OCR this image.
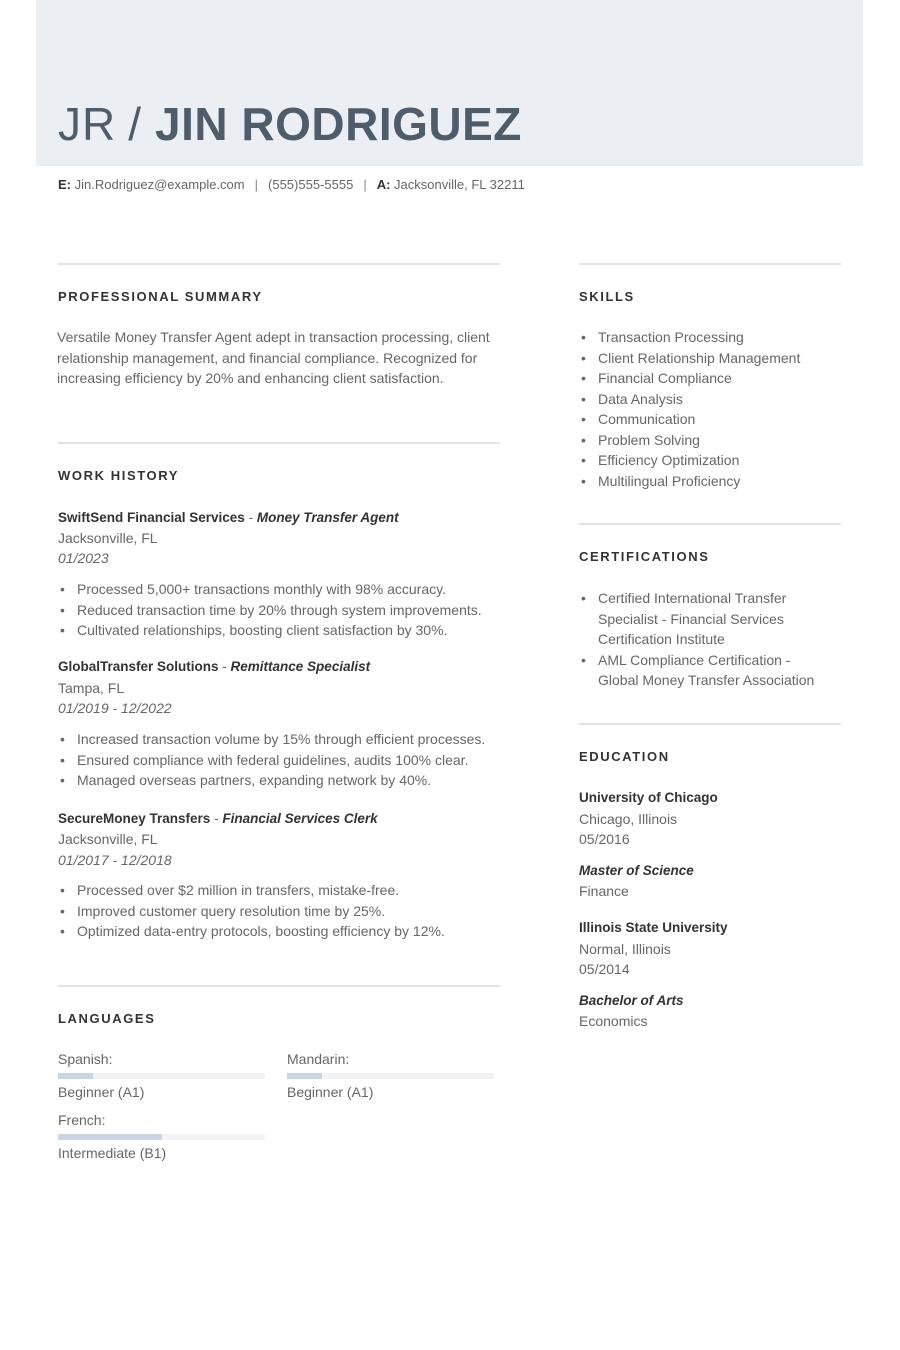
JR / JIN RODRIGUEZ
E: Jin.Rodriguez@example.com | (555)555-5555 | A: Jacksonville, FL 32211
PROFESSIONAL SUMMARY
Versatile Money Transfer Agent adept in transaction processing, client relationship management, and financial compliance. Recognized for increasing efficiency by 20% and enhancing client satisfaction.
WORK HISTORY
SwiftSend Financial Services - Money Transfer Agent
Jacksonville, FL
01/2023
• Processed 5,000+ transactions monthly with 98% accuracy.
• Reduced transaction time by 20% through system improvements.
• Cultivated relationships, boosting client satisfaction by 30%.
GlobalTransfer Solutions - Remittance Specialist
Tampa, FL
01/2019 - 12/2022
• Increased transaction volume by 15% through efficient processes.
• Ensured compliance with federal guidelines, audits 100% clear.
• Managed overseas partners, expanding network by 40%.
SecureMoney Transfers - Financial Services Clerk
Jacksonville, FL
01/2017 - 12/2018
• Processed over $2 million in transfers, mistake-free.
• Improved customer query resolution time by 25%.
• Optimized data-entry protocols, boosting efficiency by 12%.
LANGUAGES
Spanish:
Beginner (A1)
Mandarin:
Beginner (A1)
French:
Intermediate (B1)
SKILLS
• Transaction Processing
• Client Relationship Management
• Financial Compliance
• Data Analysis
• Communication
• Problem Solving
• Efficiency Optimization
• Multilingual Proficiency
CERTIFICATIONS
• Certified International Transfer Specialist - Financial Services Certification Institute
• AML Compliance Certification - Global Money Transfer Association
EDUCATION
University of Chicago
Chicago, Illinois
05/2016
Master of Science
Finance
Illinois State University
Normal, Illinois
05/2014
Bachelor of Arts
Economics
